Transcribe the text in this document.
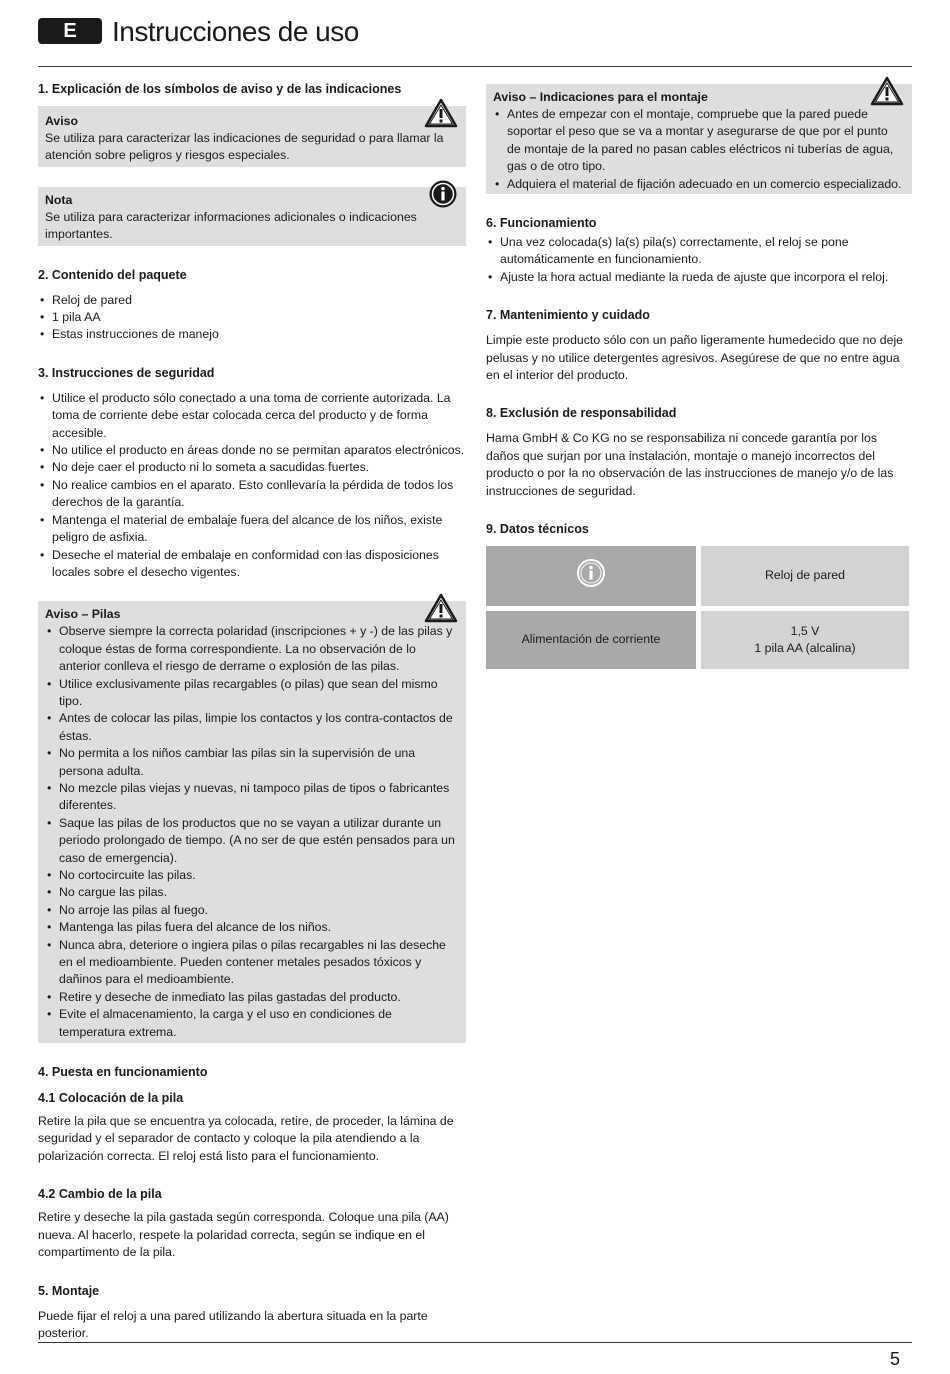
E	Instrucciones de uso
1. Explicación de los símbolos de aviso y de las indicaciones
Aviso

Se utiliza para caracterizar las indicaciones de seguridad o para llamar la atención sobre peligros y riesgos especiales.

Nota

Se utiliza para caracterizar informaciones adicionales o indicaciones importantes.

2. Contenido del paquete
• Reloj de pared
• 1 pila AA
• Estas instrucciones de manejo
3. Instrucciones de seguridad
• Utilice el producto sólo conectado a una toma de corriente autorizada. La toma de corriente debe estar colocada cerca del producto y de forma accesible.
• No utilice el producto en áreas donde no se permitan aparatos electrónicos.
• No deje caer el producto ni lo someta a sacudidas fuertes.
• No realice cambios en el aparato. Esto conllevaría la pérdida de todos los derechos de la garantía.
• Mantenga el material de embalaje fuera del alcance de los niños, existe peligro de asfixia.
• Deseche el material de embalaje en conformidad con las disposiciones locales sobre el desecho vigentes.
Aviso – Pilas
• Observe siempre la correcta polaridad (inscripciones + y -) de las pilas y coloque éstas de forma correspondiente. La no observación de lo anterior conlleva el riesgo de derrame o explosión de las pilas.
• Utilice exclusivamente pilas recargables (o pilas) que sean del mismo tipo.
• Antes de colocar las pilas, limpie los contactos y los contra-contactos de éstas.
• No permita a los niños cambiar las pilas sin la supervisión de una persona adulta.
• No mezcle pilas viejas y nuevas, ni tampoco pilas de tipos o fabricantes diferentes.
• Saque las pilas de los productos que no se vayan a utilizar durante un periodo prolongado de tiempo. (A no ser de que estén pensados para un caso de emergencia).
• No cortocircuite las pilas.
• No cargue las pilas.
• No arroje las pilas al fuego.
• Mantenga las pilas fuera del alcance de los niños.
• Nunca abra, deteriore o ingiera pilas o pilas recargables ni las deseche en el medioambiente. Pueden contener metales pesados tóxicos y dañinos para el medioambiente.
• Retire y deseche de inmediato las pilas gastadas del producto.
• Evite el almacenamiento, la carga y el uso en condiciones de temperatura extrema.
4. Puesta en funcionamiento
4.1 Colocación de la pila

Retire la pila que se encuentra ya colocada, retire, de proceder, la lámina de seguridad y el separador de contacto y coloque la pila atendiendo a la polarización correcta. El reloj está listo para el funcionamiento.

4.2 Cambio de la pila

Retire y deseche la pila gastada según corresponda. Coloque una pila (AA) nueva. Al hacerlo, respete la polaridad correcta, según se indique en el compartimento de la pila.

5. Montaje

Puede fijar el reloj a una pared utilizando la abertura situada en la parte posterior.

Aviso – Indicaciones para el montaje
• Antes de empezar con el montaje, compruebe que la pared puede soportar el peso que se va a montar y asegurarse de que por el punto de montaje de la pared no pasan cables eléctricos ni tuberías de agua, gas o de otro tipo.
• Adquiera el material de fijación adecuado en un comercio especializado.
6. Funcionamiento
• Una vez colocada(s) la(s) pila(s) correctamente, el reloj se pone automáticamente en funcionamiento.
• Ajuste la hora actual mediante la rueda de ajuste que incorpora el reloj.
7. Mantenimiento y cuidado

Limpie este producto sólo con un paño ligeramente humedecido que no deje pelusas y no utilice detergentes agresivos. Asegúrese de que no entre agua en el interior del producto.

8. Exclusión de responsabilidad

Hama GmbH & Co KG no se responsabiliza ni concede garantía por los daños que surjan por una instalación, montaje o manejo incorrectos del producto o por la no observación de las instrucciones de manejo y/o de las instrucciones de seguridad.

9. Datos técnicos
Reloj de pared
Alimentación de corriente
1,5 V
1 pila AA (alcalina)
5
